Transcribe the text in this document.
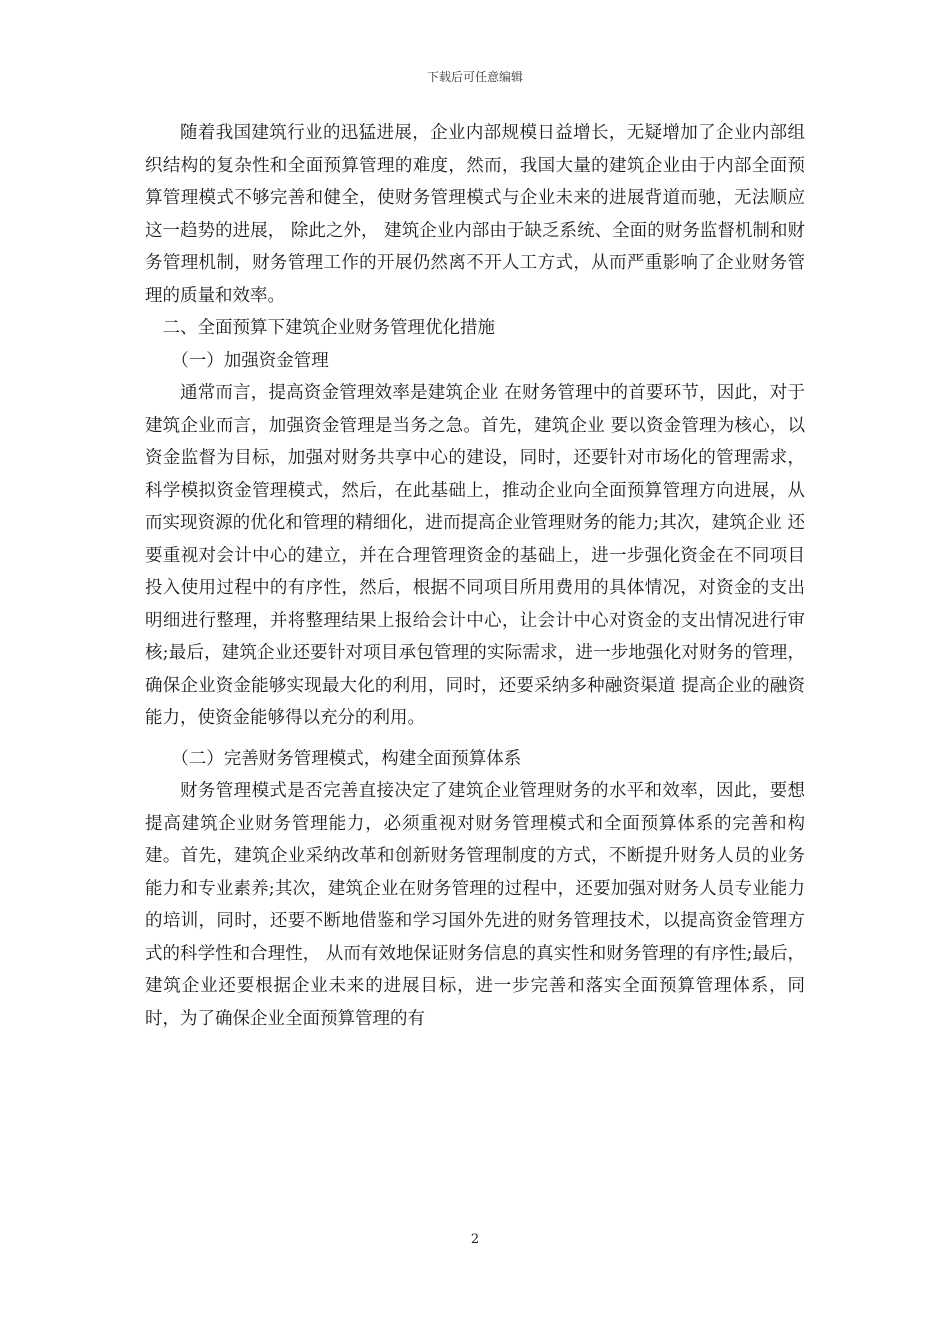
下载后可任意编辑

随着我国建筑行业的迅猛进展，企业内部规模日益增长，无疑增加了企业内部组织结构的复杂性和全面预算管理的难度，然而，我国大量的建筑企业由于内部全面预算管理模式不够完善和健全，使财务管理模式与企业未来的进展背道而驰，无法顺应这一趋势的进展， 除此之外， 建筑企业内部由于缺乏系统、全面的财务监督机制和财务管理机制，财务管理工作的开展仍然离不开人工方式，从而严重影响了企业财务管理的质量和效率。

二、全面预算下建筑企业财务管理优化措施

（一）加强资金管理

通常而言，提高资金管理效率是建筑企业 在财务管理中的首要环节，因此，对于建筑企业而言，加强资金管理是当务之急。首先，建筑企业 要以资金管理为核心，以资金监督为目标，加强对财务共享中心的建设，同时，还要针对市场化的管理需求，科学模拟资金管理模式，然后，在此基础上，推动企业向全面预算管理方向进展，从而实现资源的优化和管理的精细化，进而提高企业管理财务的能力;其次，建筑企业 还要重视对会计中心的建立，并在合理管理资金的基础上，进一步强化资金在不同项目投入使用过程中的有序性，然后，根据不同项目所用费用的具体情况，对资金的支出明细进行整理，并将整理结果上报给会计中心，让会计中心对资金的支出情况进行审核;最后，建筑企业还要针对项目承包管理的实际需求，进一步地强化对财务的管理，确保企业资金能够实现最大化的利用，同时，还要采纳多种融资渠道 提高企业的融资能力，使资金能够得以充分的利用。

（二）完善财务管理模式，构建全面预算体系

财务管理模式是否完善直接决定了建筑企业管理财务的水平和效率，因此，要想提高建筑企业财务管理能力，必须重视对财务管理模式和全面预算体系的完善和构建。首先，建筑企业采纳改革和创新财务管理制度的方式，不断提升财务人员的业务能力和专业素养;其次，建筑企业在财务管理的过程中，还要加强对财务人员专业能力的培训，同时，还要不断地借鉴和学习国外先进的财务管理技术，以提高资金管理方式的科学性和合理性， 从而有效地保证财务信息的真实性和财务管理的有序性;最后，建筑企业还要根据企业未来的进展目标，进一步完善和落实全面预算管理体系，同时，为了确保企业全面预算管理的有

2
